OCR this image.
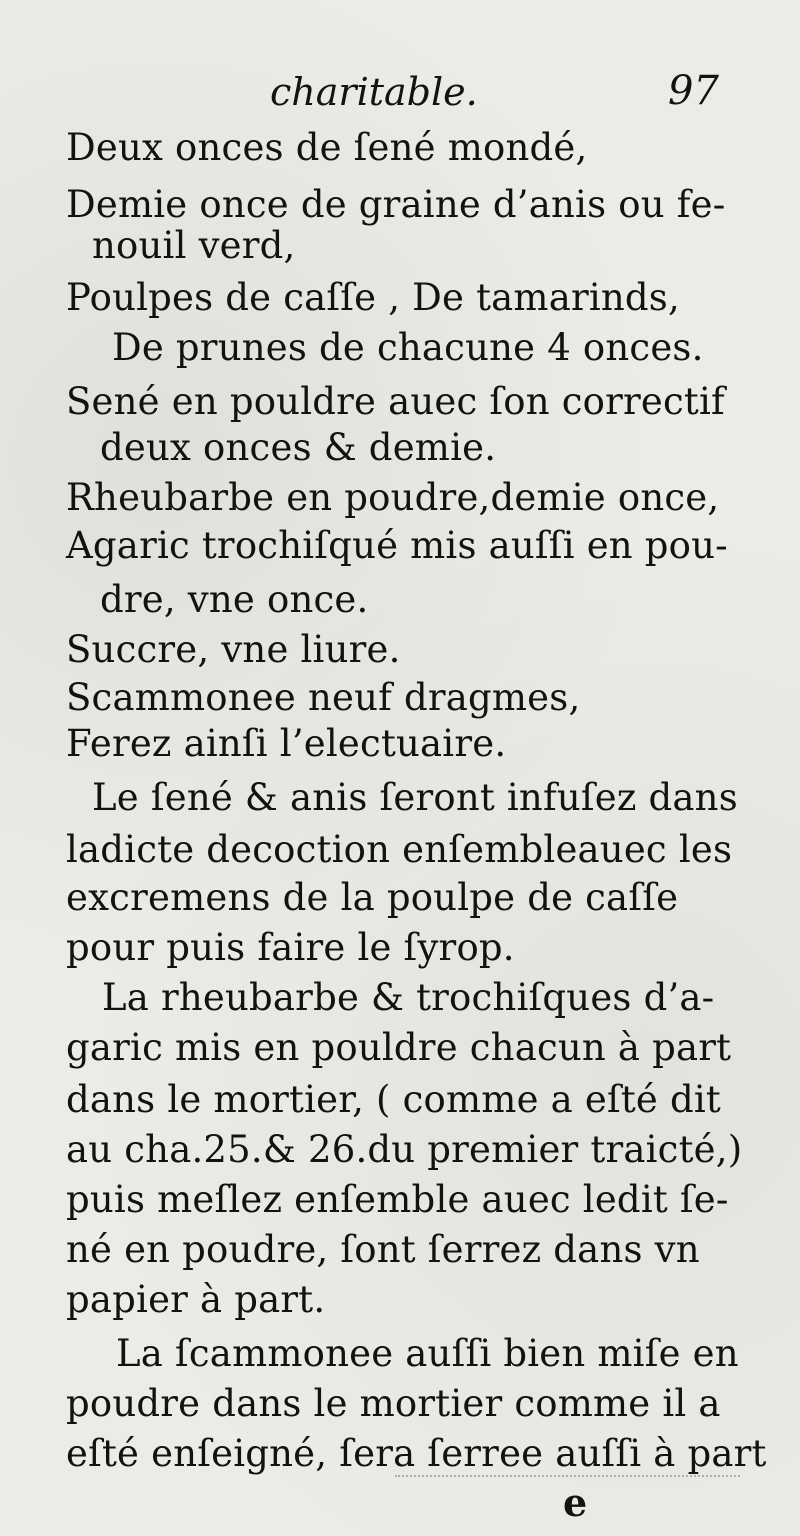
charitable.	97
Deux onces de ſené mondé,
Demie once de graine d’anis ou fe-
nouil verd,
Poulpes de caſſe , De tamarinds,
De prunes de chacune 4 onces.
Sené en pouldre auec ſon correctif
deux onces & demie.
Rheubarbe en poudre,demie once,
Agaric trochiſqué mis auſſi en pou-
dre, vne once.
Succre, vne liure.
Scammonee neuf dragmes,
Ferez ainſi l’electuaire.
Le ſené & anis ſeront infuſez dans
ladicte decoction enſembleauec les
excremens de la poulpe de caſſe
pour puis faire le ſyrop.
La rheubarbe & trochiſques d’a-
garic mis en pouldre chacun à part
dans le mortier, ( comme a eſté dit
au cha.25.& 26.du premier traicté,)
puis meſlez enſemble auec ledit ſe-
né en poudre, ſont ſerrez dans vn
papier à part.
La ſcammonee auſſi bien miſe en
poudre dans le mortier comme il a
eſté enſeigné, ſera ſerree auſſi à part
e
